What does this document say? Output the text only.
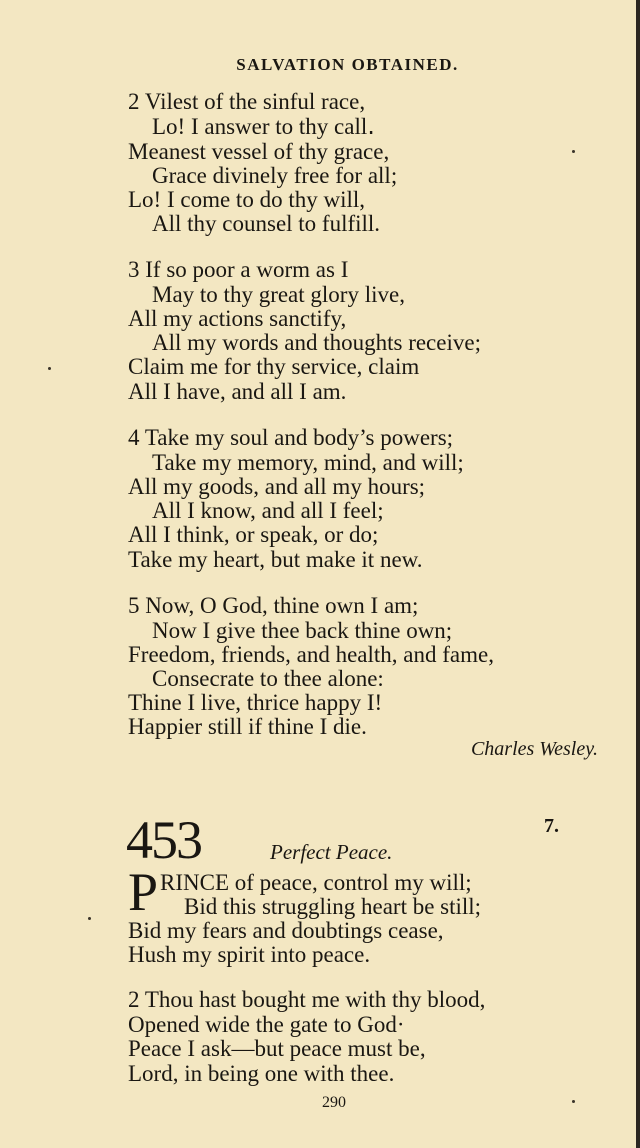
SALVATION OBTAINED.
2 Vilest of the sinful race,
Lo! I answer to thy call․
Meanest vessel of thy grace,
Grace divinely free for all;
Lo! I come to do thy will,
All thy counsel to fulfill.
3 If so poor a worm as I
May to thy great glory live,
All my actions sanctify,
All my words and thoughts receive;
Claim me for thy service, claim
All I have, and all I am.
4 Take my soul and body’s powers;
Take my memory, mind, and will;
All my goods, and all my hours;
All I know, and all I feel;
All I think, or speak, or do;
Take my heart, but make it new.
5 Now, O God, thine own I am;
Now I give thee back thine own;
Freedom, friends, and health, and fame,
Consecrate to thee alone:
Thine I live, thrice happy I!
Happier still if thine I die.
Charles Wesley.
453	Perfect Peace.
7.
P RINCE of peace, control my will;
Bid this struggling heart be still;
Bid my fears and doubtings cease,
Hush my spirit into peace.
2 Thou hast bought me with thy blood,
Opened wide the gate to God·
Peace I ask—but peace must be,
Lord, in being one with thee.
290
